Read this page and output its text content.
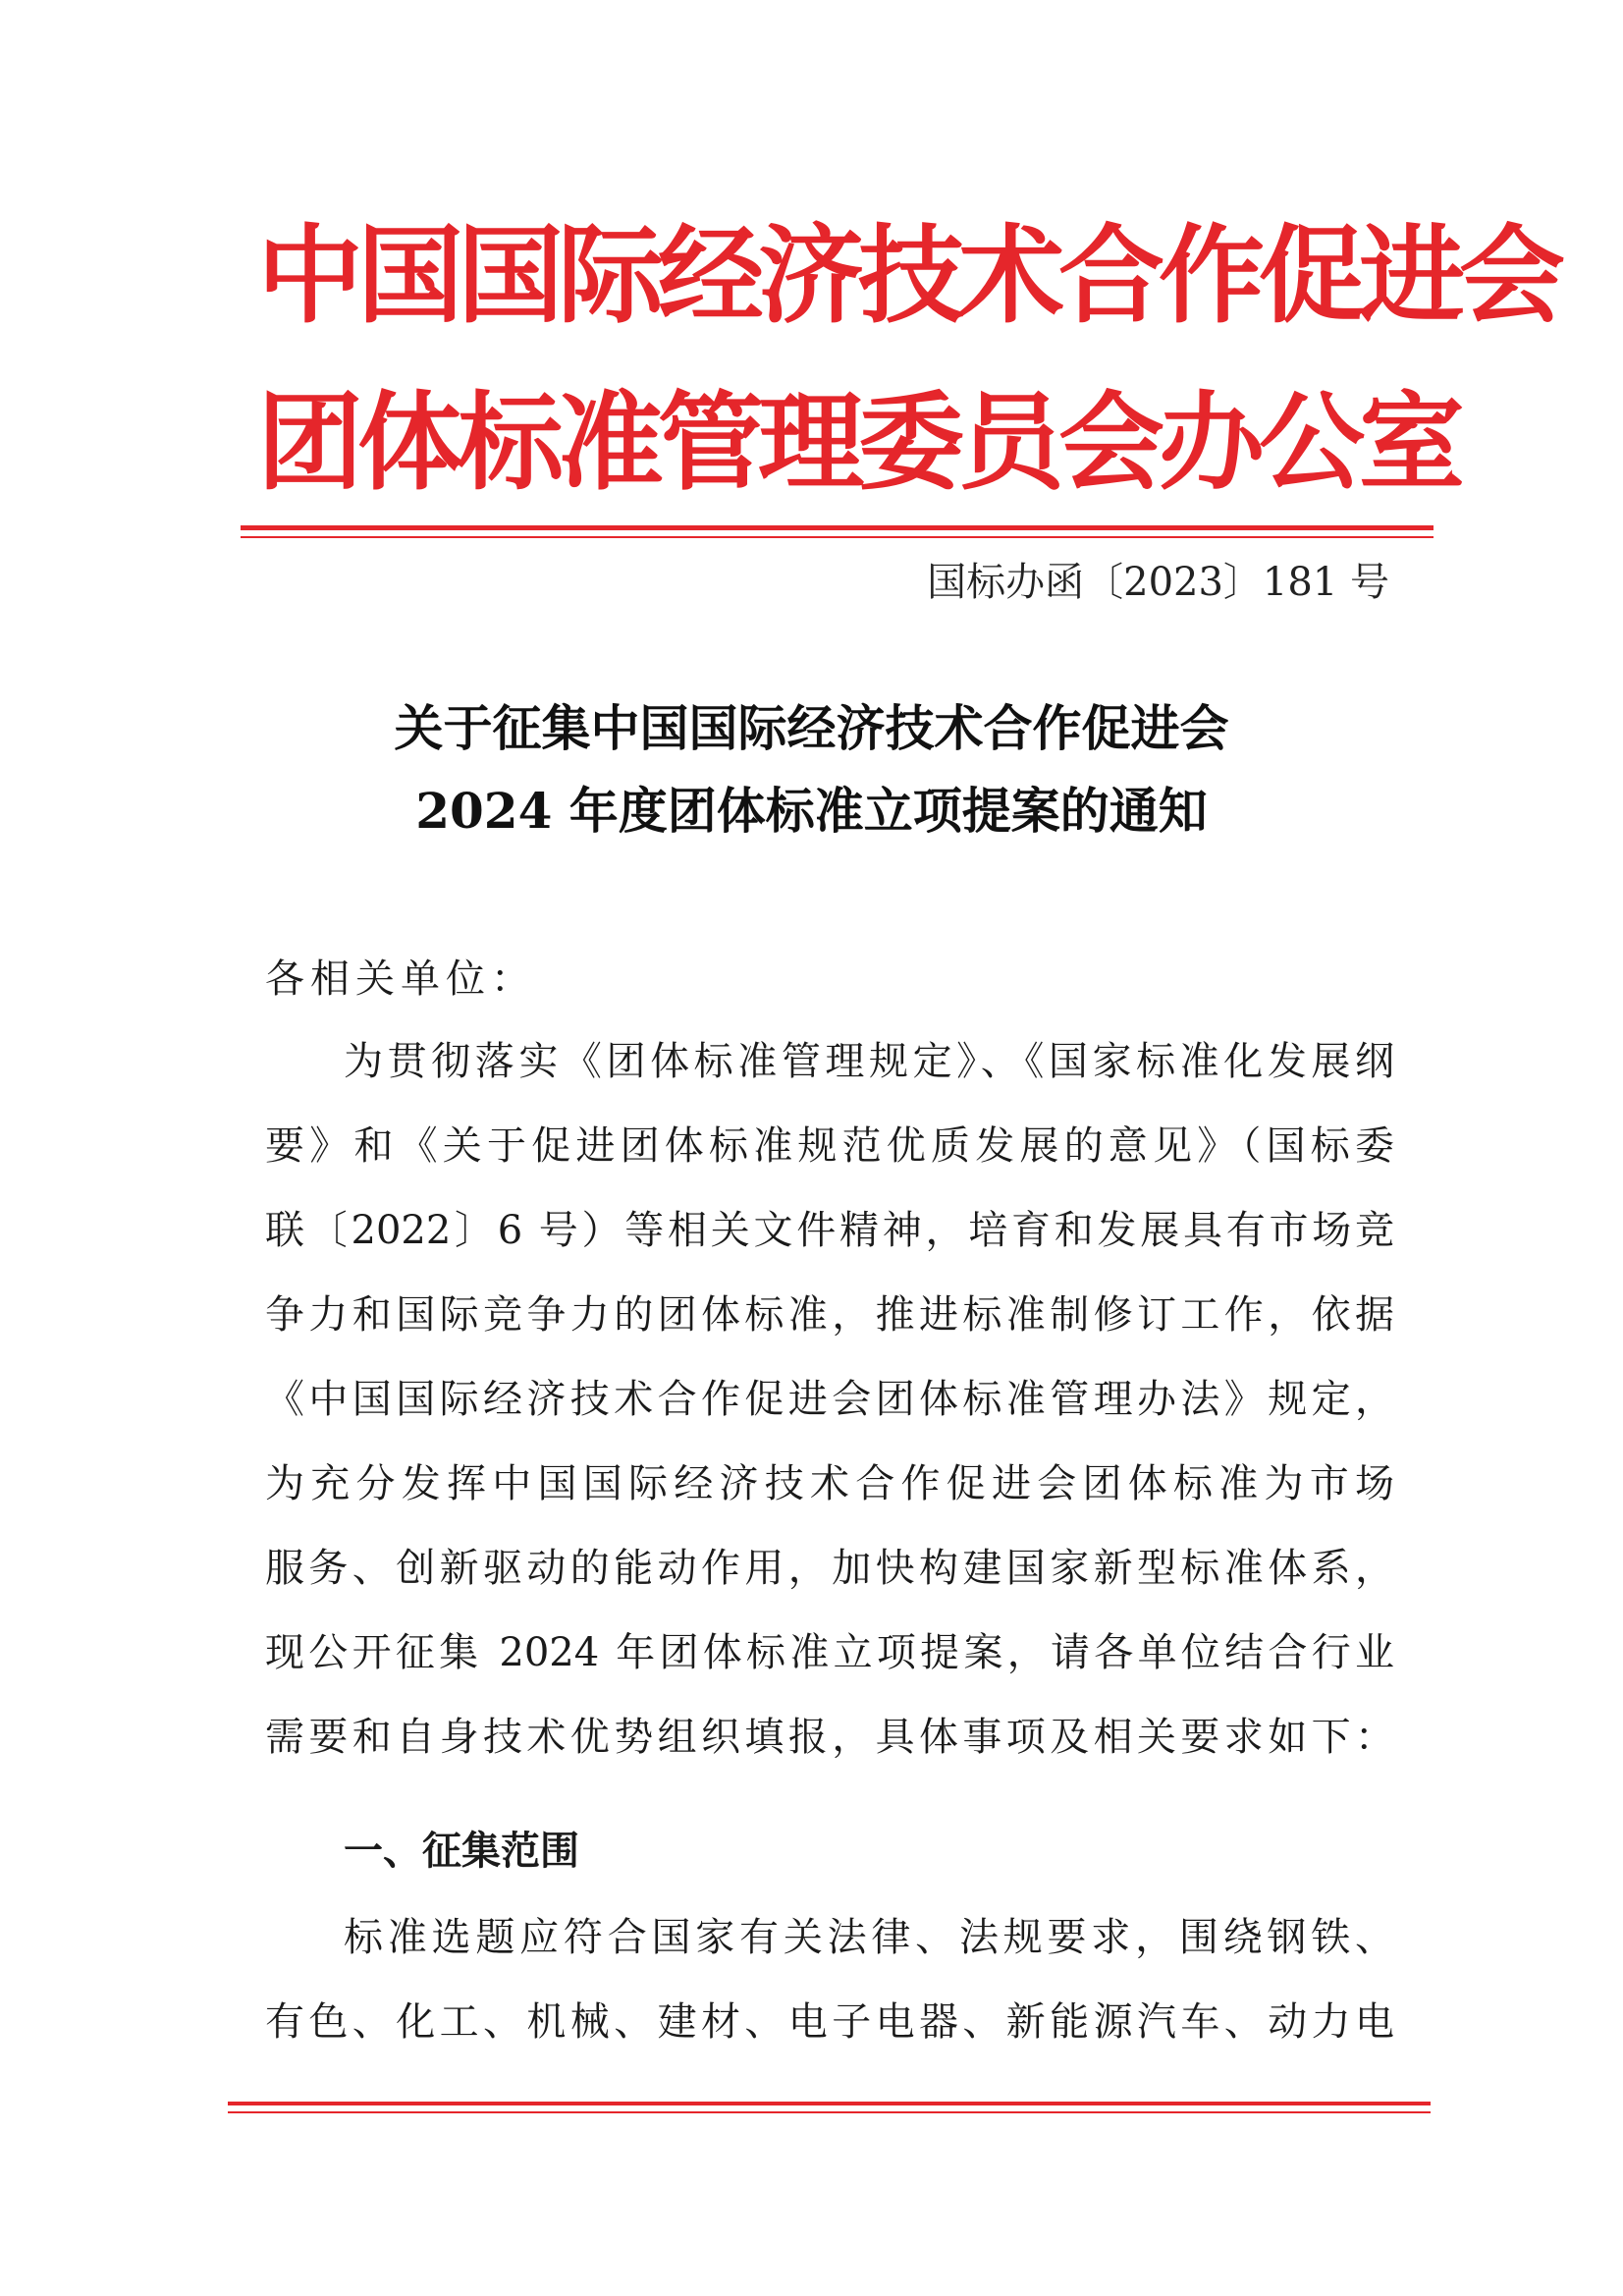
中国国际经济技术合作促进会
团体标准管理委员会办公室
国标办函〔2023〕181 号
关于征集中国国际经济技术合作促进会
2024 年度团体标准立项提案的通知
各相关单位：
为贯彻落实《团体标准管理规定》、《国家标准化发展纲
要》和《关于促进团体标准规范优质发展的意见》（国标委
联〔2022〕6 号）等相关文件精神，培育和发展具有市场竞
争力和国际竞争力的团体标准，推进标准制修订工作，依据
《中国国际经济技术合作促进会团体标准管理办法》规定，
为充分发挥中国国际经济技术合作促进会团体标准为市场
服务、创新驱动的能动作用，加快构建国家新型标准体系，
现公开征集 2024 年团体标准立项提案，请各单位结合行业
需要和自身技术优势组织填报，具体事项及相关要求如下：
一、征集范围
标准选题应符合国家有关法律、法规要求，围绕钢铁、
有色、化工、机械、建材、电子电器、新能源汽车、动力电
